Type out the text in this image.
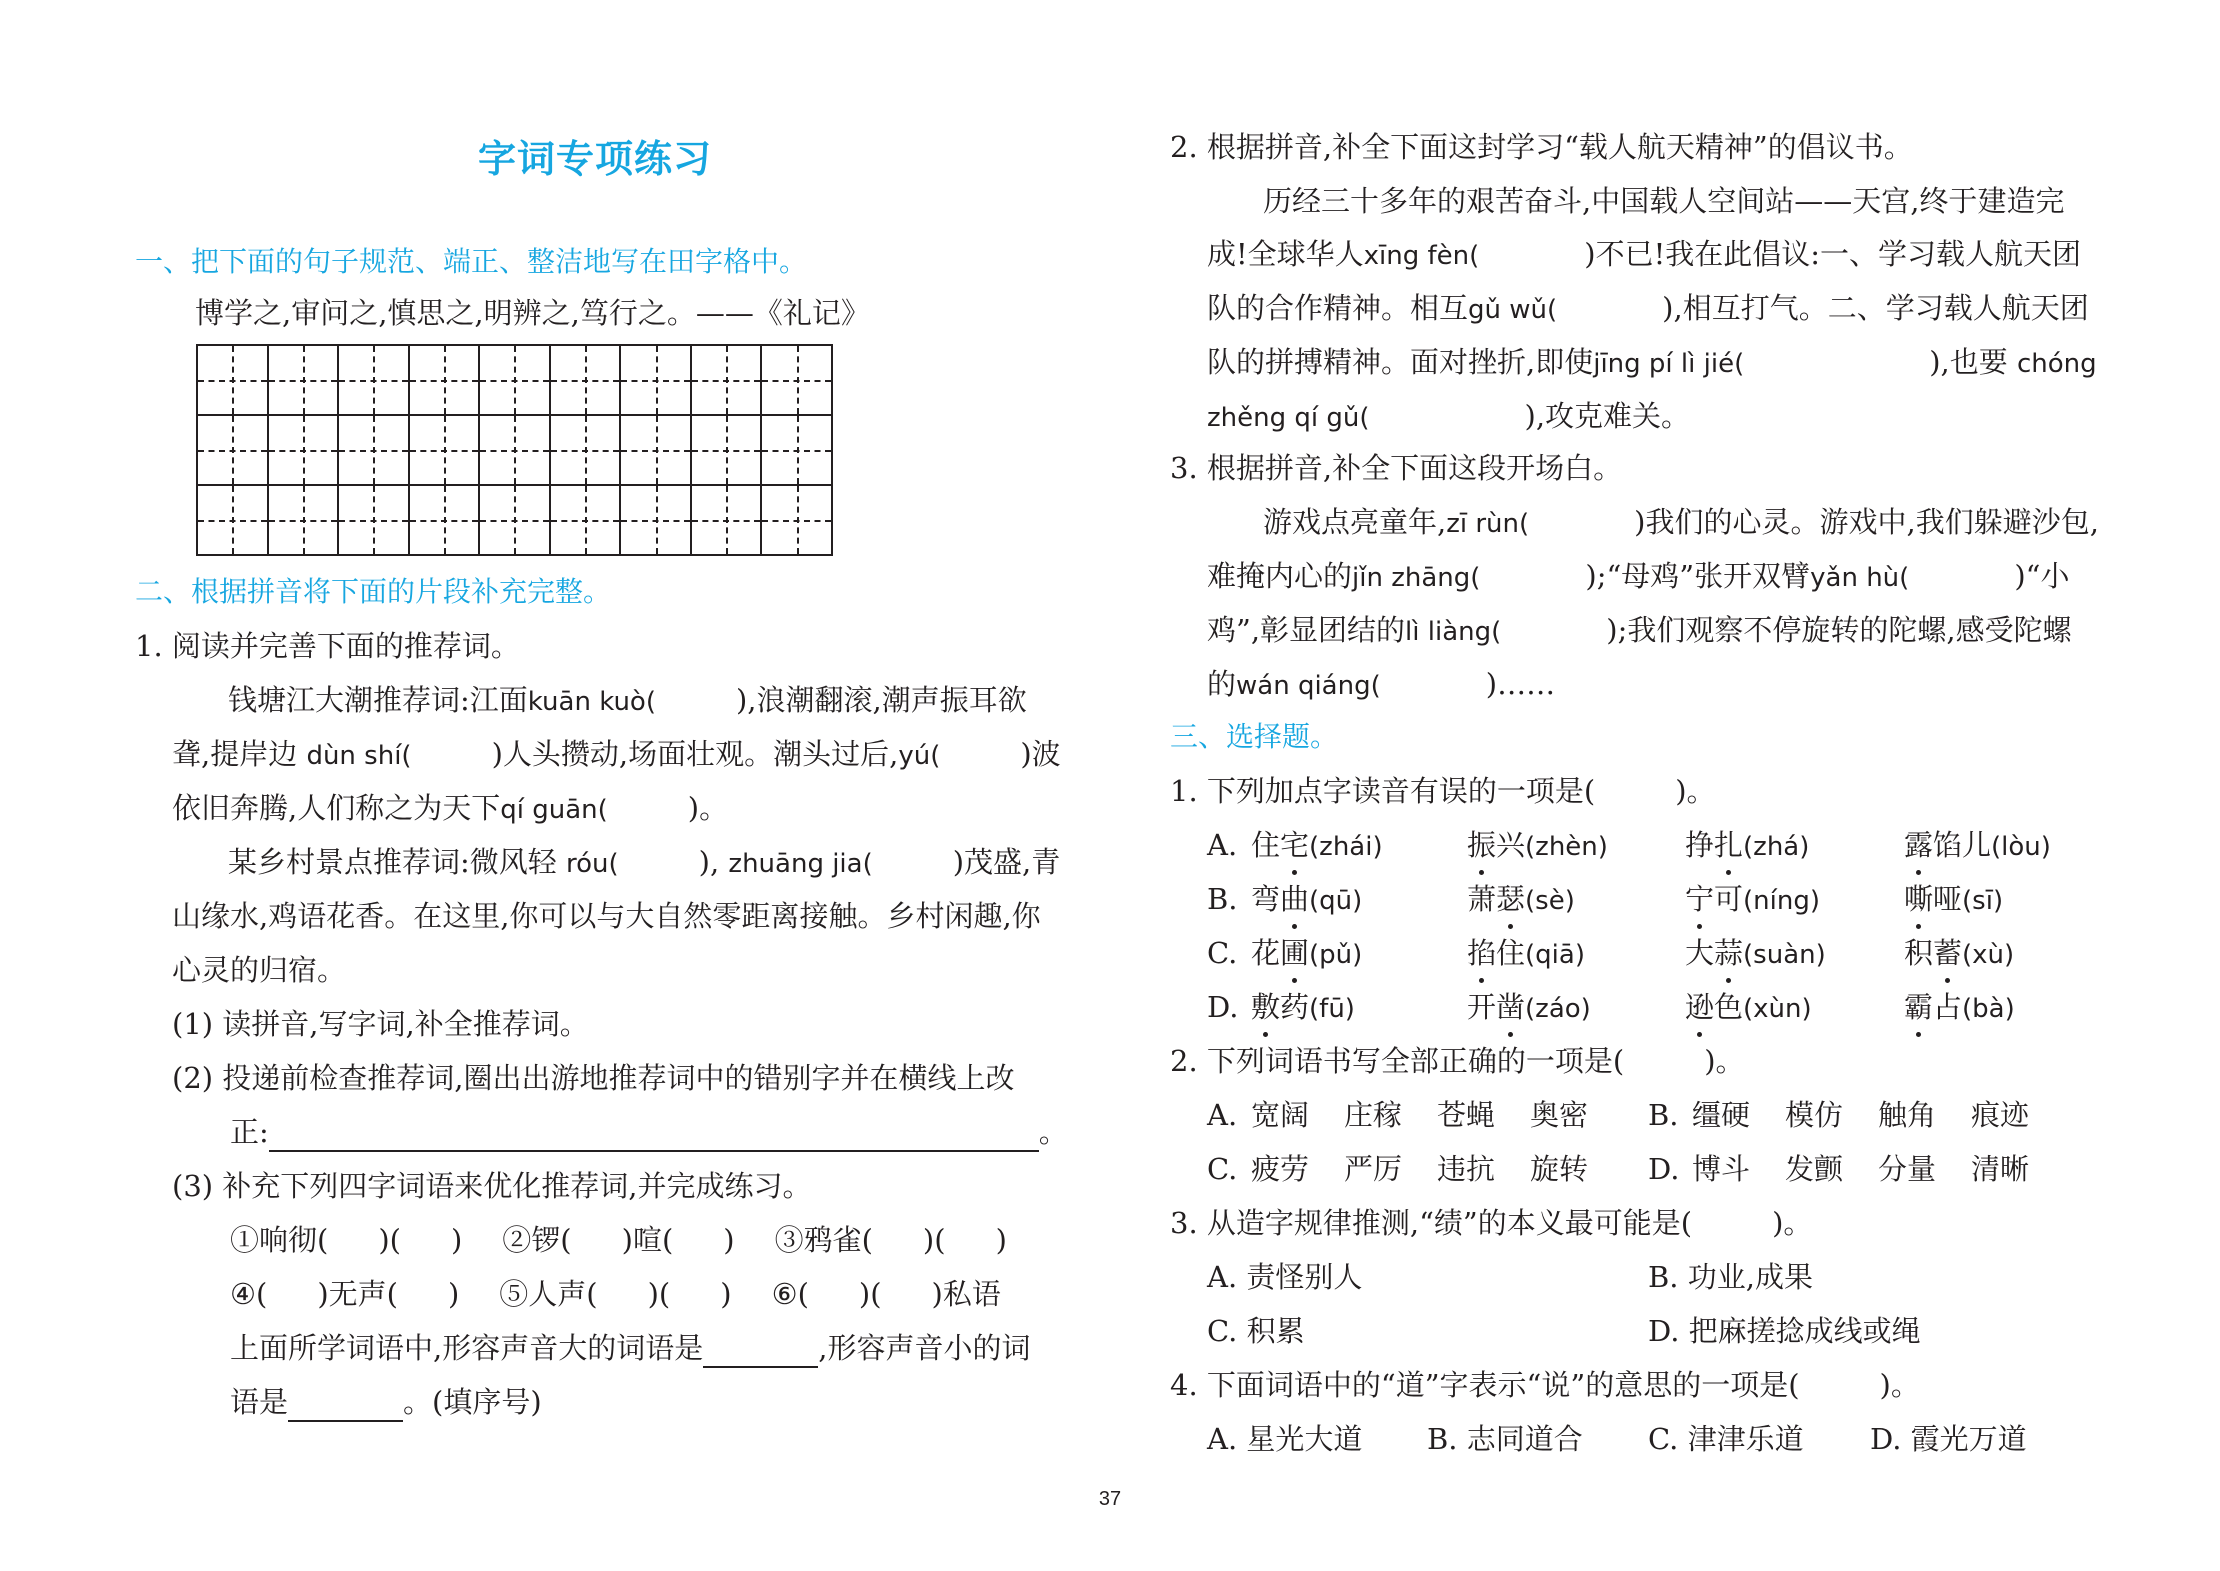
字词专项练习
一、把下面的句子规范、端正、整洁地写在田字格中。
博学之,审问之,慎思之,明辨之,笃行之。——《礼记》
二、根据拼音将下面的片段补充完整。
1. 阅读并完善下面的推荐词。
钱塘江大潮推荐词:江面kuān kuò(	),浪潮翻滚,潮声振耳欲
聋,提岸边 dùn shí(	)人头攒动,场面壮观。潮头过后,yú(	)波
依旧奔腾,人们称之为天下qí guān(	)。
某乡村景点推荐词:微风轻 róu(	), zhuāng jia(	)茂盛,青
山缘水,鸡语花香。在这里,你可以与大自然零距离接触。乡村闲趣,你
心灵的归宿。
(1) 读拼音,写字词,补全推荐词。
(2) 投递前检查推荐词,圈出出游地推荐词中的错别字并在横线上改
正:	。
(3) 补充下列四字词语来优化推荐词,并完成练习。
①响彻( )( ) ②锣( )喧( ) ③鸦雀( )( )
④( )无声( ) ⑤人声( )( ) ⑥( )( )私语
上面所学词语中,形容声音大的词语是	,形容声音小的词
语是	。(填序号)
2. 根据拼音,补全下面这封学习“载人航天精神”的倡议书。
历经三十多年的艰苦奋斗,中国载人空间站——天宫,终于建造完
成!全球华人xīng fèn(	)不已!我在此倡议:一、学习载人航天团
队的合作精神。相互gǔ wǔ(	),相互打气。二、学习载人航天团
队的拼搏精神。面对挫折,即使jīng pí lì jié(	),也要 chóng
zhěng qí gǔ(	),攻克难关。
3. 根据拼音,补全下面这段开场白。
游戏点亮童年,zī rùn(	)我们的心灵。游戏中,我们躲避沙包,
难掩内心的jǐn zhāng(	);“母鸡”张开双臂yǎn hù(	)“小
鸡”,彰显团结的lì liàng(	);我们观察不停旋转的陀螺,感受陀螺
的wán qiáng(	)……
三、选择题。
1. 下列加点字读音有误的一项是(	)。
A. 住宅(zhái)	振兴(zhèn)	挣扎(zhá)	露馅儿(lòu)
B. 弯曲(qū)	萧瑟(sè)	宁可(níng)	嘶哑(sī)
C. 花圃(pǔ)	掐住(qiā)	大蒜(suàn)	积蓄(xù)
D. 敷药(fū)	开凿(záo)	逊色(xùn)	霸占(bà)
2. 下列词语书写全部正确的一项是(	)。
A. 宽阔 庄稼 苍蝇 奥密 B. 缰硬 模仿 触角 痕迹
C. 疲劳 严厉 违抗 旋转 D. 博斗 发颤 分量 清晰
3. 从造字规律推测,“绩”的本义最可能是(	)。
A. 责怪别人	B. 功业,成果
C. 积累	D. 把麻搓捻成线或绳
4. 下面词语中的“道”字表示“说”的意思的一项是(	)。
A. 星光大道 B. 志同道合 C. 津津乐道 D. 霞光万道
37
